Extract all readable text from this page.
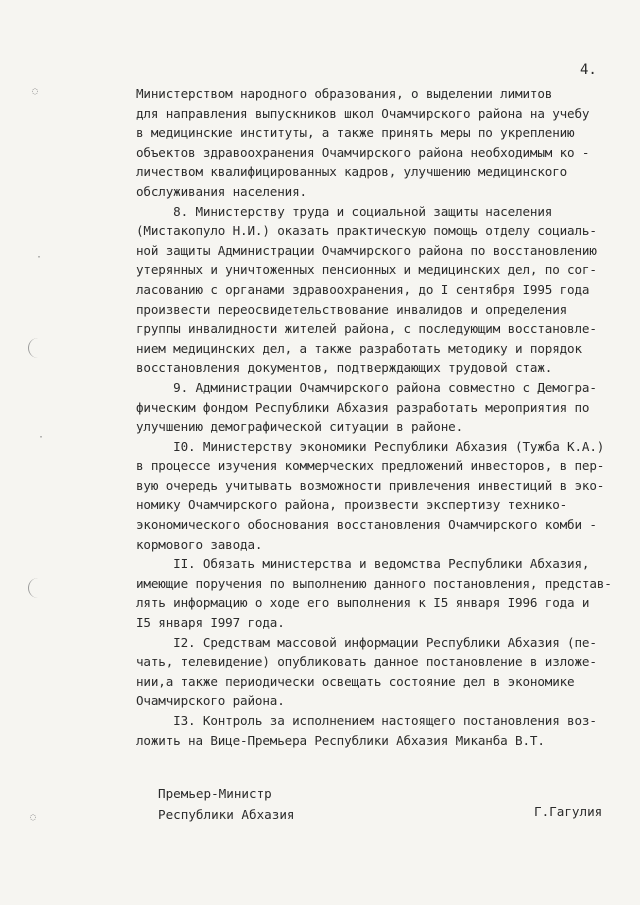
4.
◌
·
·
◌
Министерством народного образования, о выделении лимитов
для направления выпускников школ Очамчирского района на учебу
в медицинские институты, а также принять меры по укреплению
объектов здравоохранения Очамчирского района необходимым ко -
личеством квалифицированных кадров, улучшению медицинского
обслуживания населения.
8. Министерству труда и социальной защиты населения
(Мистакопуло Н.И.) оказать практическую помощь отделу социаль-
ной защиты Администрации Очамчирского района по восстановлению
утерянных и уничтоженных пенсионных и медицинских дел, по сог-
ласованию с органами здравоохранения, до I сентября I995 года
произвести переосвидетельствование инвалидов и определения
группы инвалидности жителей района, с последующим восстановле-
нием медицинских дел, а также разработать методику и порядок
восстановления документов, подтверждающих трудовой стаж.
9. Администрации Очамчирского района совместно с Демогра-
фическим фондом Республики Абхазия разработать мероприятия по
улучшению демографической ситуации в районе.
I0. Министерству экономики Республики Абхазия (Тужба К.А.)
в процессе изучения коммерческих предложений инвесторов, в пер-
вую очередь учитывать возможности привлечения инвестиций в эко-
номику Очамчирского района, произвести экспертизу технико-
экономического обоснования восстановления Очамчирского комби -
кормового завода.
II. Обязать министерства и ведомства Республики Абхазия,
имеющие поручения по выполнению данного постановления, представ-
лять информацию о ходе его выполнения к I5 января I996 года и
I5 января I997 года.
I2. Средствам массовой информации Республики Абхазия (пе-
чать, телевидение) опубликовать данное постановление в изложе-
нии,а также периодически освещать состояние дел в экономике
Очамчирского района.
I3. Контроль за исполнением настоящего постановления воз-
ложить на Вице-Премьера Республики Абхазия Миканба В.Т.
Премьер-Министр
Республики Абхазия	Г.Гагулия
